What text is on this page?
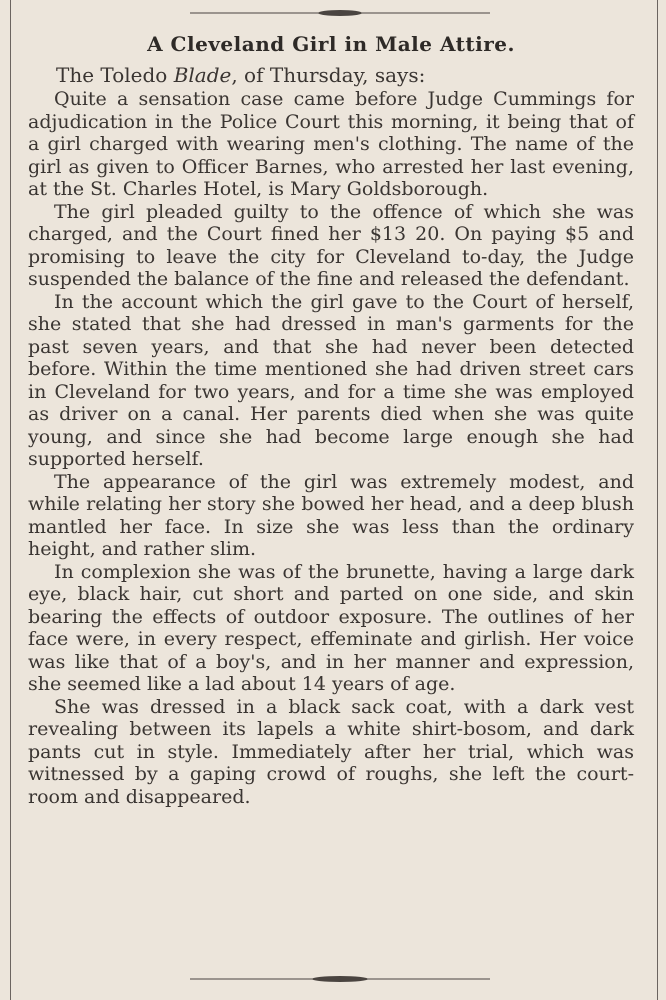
A Cleveland Girl in Male Attire.

The Toledo Blade, of Thursday, says:

Quite a sensation case came before Judge Cummings for adjudication in the Police Court this morning, it being that of a girl charged with wearing men's clothing. The name of the girl as given to Officer Barnes, who arrested her last evening, at the St. Charles Hotel, is Mary Goldsborough.

The girl pleaded guilty to the offence of which she was charged, and the Court fined her $13 20. On paying $5 and promising to leave the city for Cleveland to-day, the Judge suspended the balance of the fine and released the defendant.

In the account which the girl gave to the Court of herself, she stated that she had dressed in man's garments for the past seven years, and that she had never been detected before. Within the time mentioned she had driven street cars in Cleveland for two years, and for a time she was employed as driver on a canal. Her parents died when she was quite young, and since she had become large enough she had supported herself.

The appearance of the girl was extremely modest, and while relating her story she bowed her head, and a deep blush mantled her face. In size she was less than the ordinary height, and rather slim.

In complexion she was of the brunette, having a large dark eye, black hair, cut short and parted on one side, and skin bearing the effects of outdoor exposure. The outlines of her face were, in every respect, effeminate and girlish. Her voice was like that of a boy's, and in her manner and expression, she seemed like a lad about 14 years of age.

She was dressed in a black sack coat, with a dark vest revealing between its lapels a white shirt-bosom, and dark pants cut in style. Immediately after her trial, which was witnessed by a gaping crowd of roughs, she left the court-room and disappeared.
